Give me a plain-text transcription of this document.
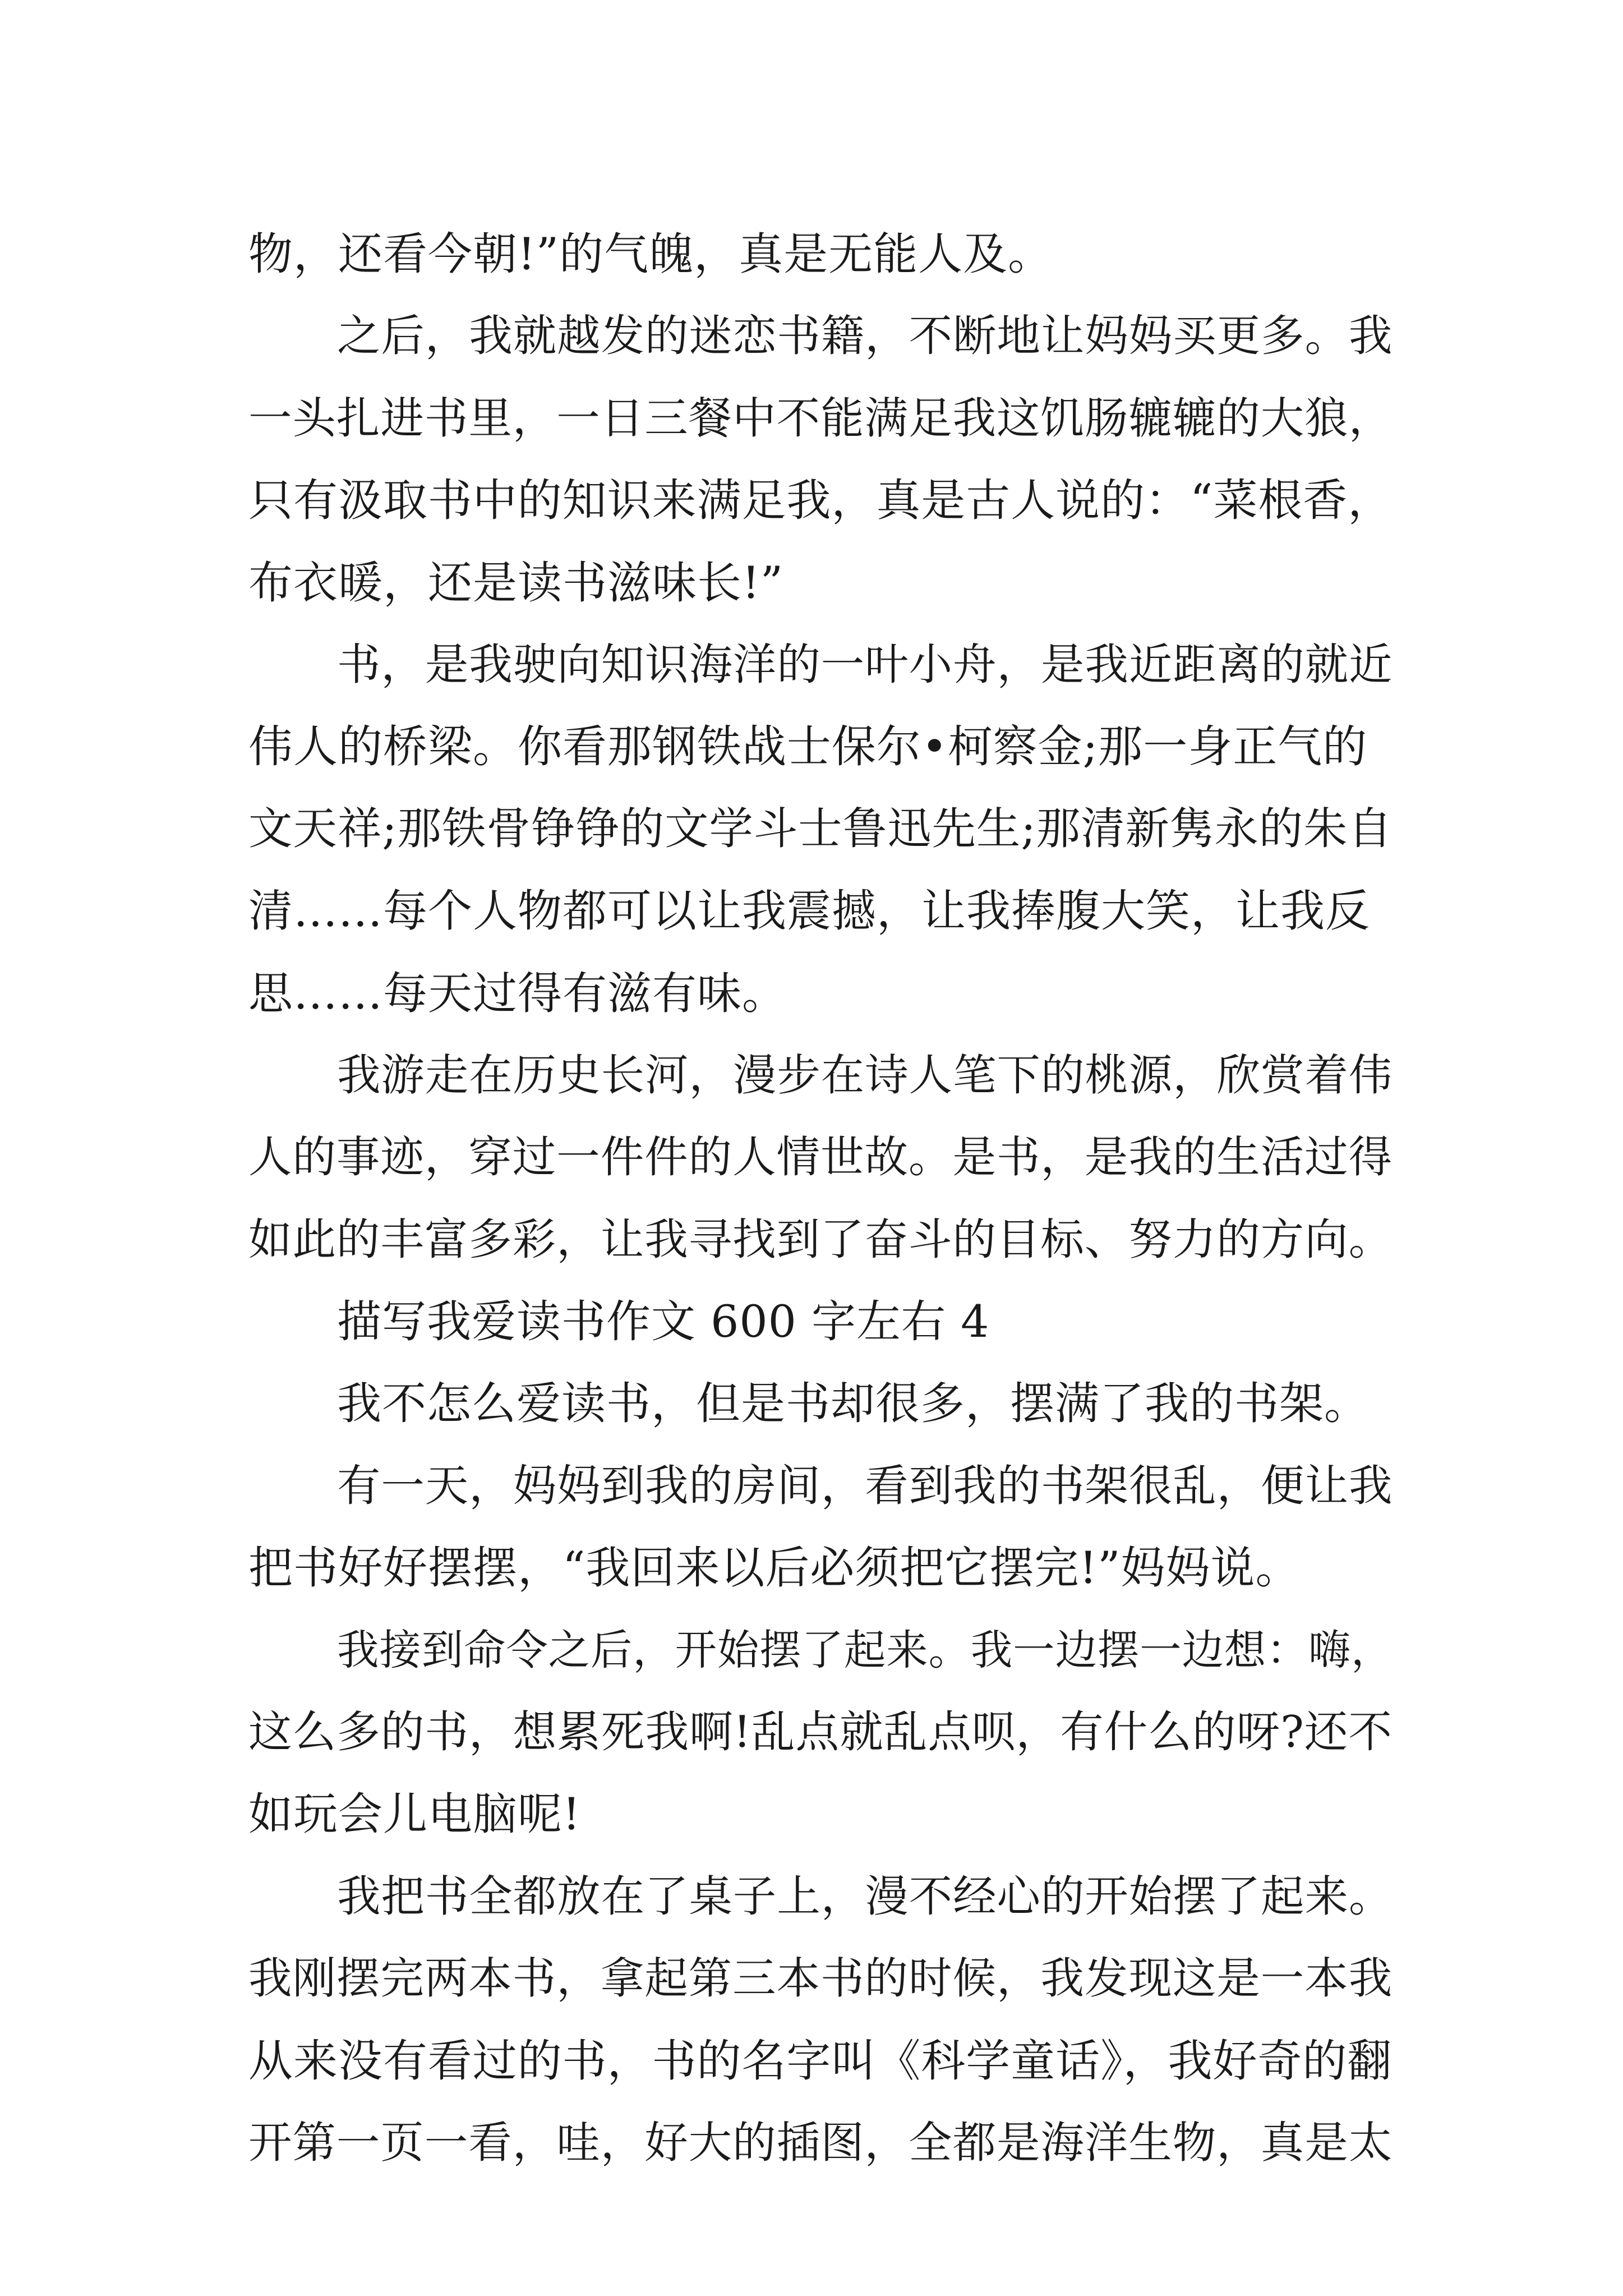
物，还看今朝!”的气魄，真是无能人及。
之后，我就越发的迷恋书籍，不断地让妈妈买更多。我
一头扎进书里，一日三餐中不能满足我这饥肠辘辘的大狼，
只有汲取书中的知识来满足我，真是古人说的：“菜根香，
布衣暖，还是读书滋味长!”
书，是我驶向知识海洋的一叶小舟，是我近距离的就近
伟人的桥梁。你看那钢铁战士保尔•柯察金;那一身正气的
文天祥;那铁骨铮铮的文学斗士鲁迅先生;那清新隽永的朱自
清……每个人物都可以让我震撼，让我捧腹大笑，让我反
思……每天过得有滋有味。
我游走在历史长河，漫步在诗人笔下的桃源，欣赏着伟
人的事迹，穿过一件件的人情世故。是书，是我的生活过得
如此的丰富多彩，让我寻找到了奋斗的目标、努力的方向。
描写我爱读书作文 600 字左右 4
我不怎么爱读书，但是书却很多，摆满了我的书架。
有一天，妈妈到我的房间，看到我的书架很乱，便让我
把书好好摆摆，“我回来以后必须把它摆完!”妈妈说。
我接到命令之后，开始摆了起来。我一边摆一边想：嗨，
这么多的书，想累死我啊!乱点就乱点呗，有什么的呀?还不
如玩会儿电脑呢!
我把书全都放在了桌子上，漫不经心的开始摆了起来。
我刚摆完两本书，拿起第三本书的时候，我发现这是一本我
从来没有看过的书，书的名字叫《科学童话》，我好奇的翻
开第一页一看，哇，好大的插图，全都是海洋生物，真是太
